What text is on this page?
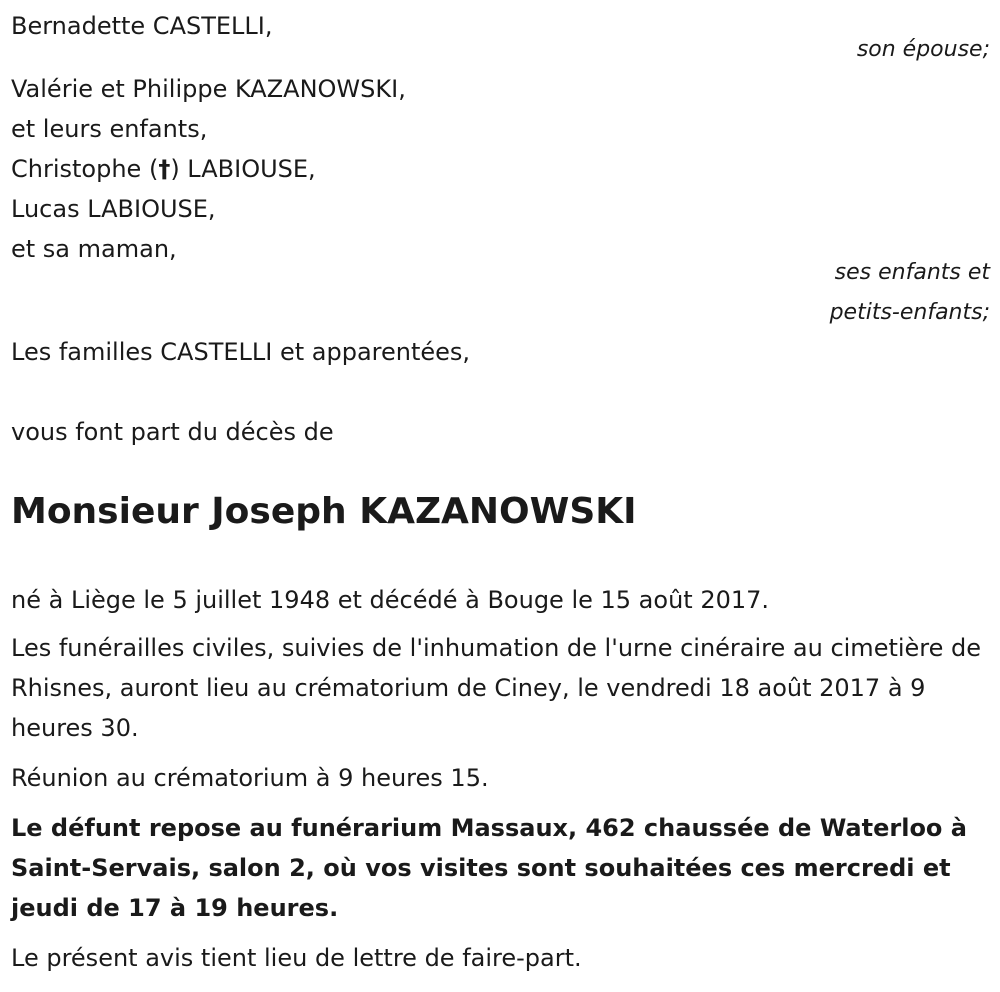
Bernadette CASTELLI,
son épouse;
Valérie et Philippe KAZANOWSKI,
et leurs enfants,
Christophe (†) LABIOUSE,
Lucas LABIOUSE,
et sa maman,
ses enfants et
petits-enfants;
Les familles CASTELLI et apparentées,
vous font part du décès de
Monsieur Joseph KAZANOWSKI
né à Liège le 5 juillet 1948 et décédé à Bouge le 15 août 2017.
Les funérailles civiles, suivies de l'inhumation de l'urne cinéraire au cimetière de Rhisnes, auront lieu au crématorium de Ciney, le vendredi 18 août 2017 à 9 heures 30.
Réunion au crématorium à 9 heures 15.
Le défunt repose au funérarium Massaux, 462 chaussée de Waterloo à Saint-Servais, salon 2, où vos visites sont souhaitées ces mercredi et jeudi de 17 à 19 heures.
Le présent avis tient lieu de lettre de faire-part.
